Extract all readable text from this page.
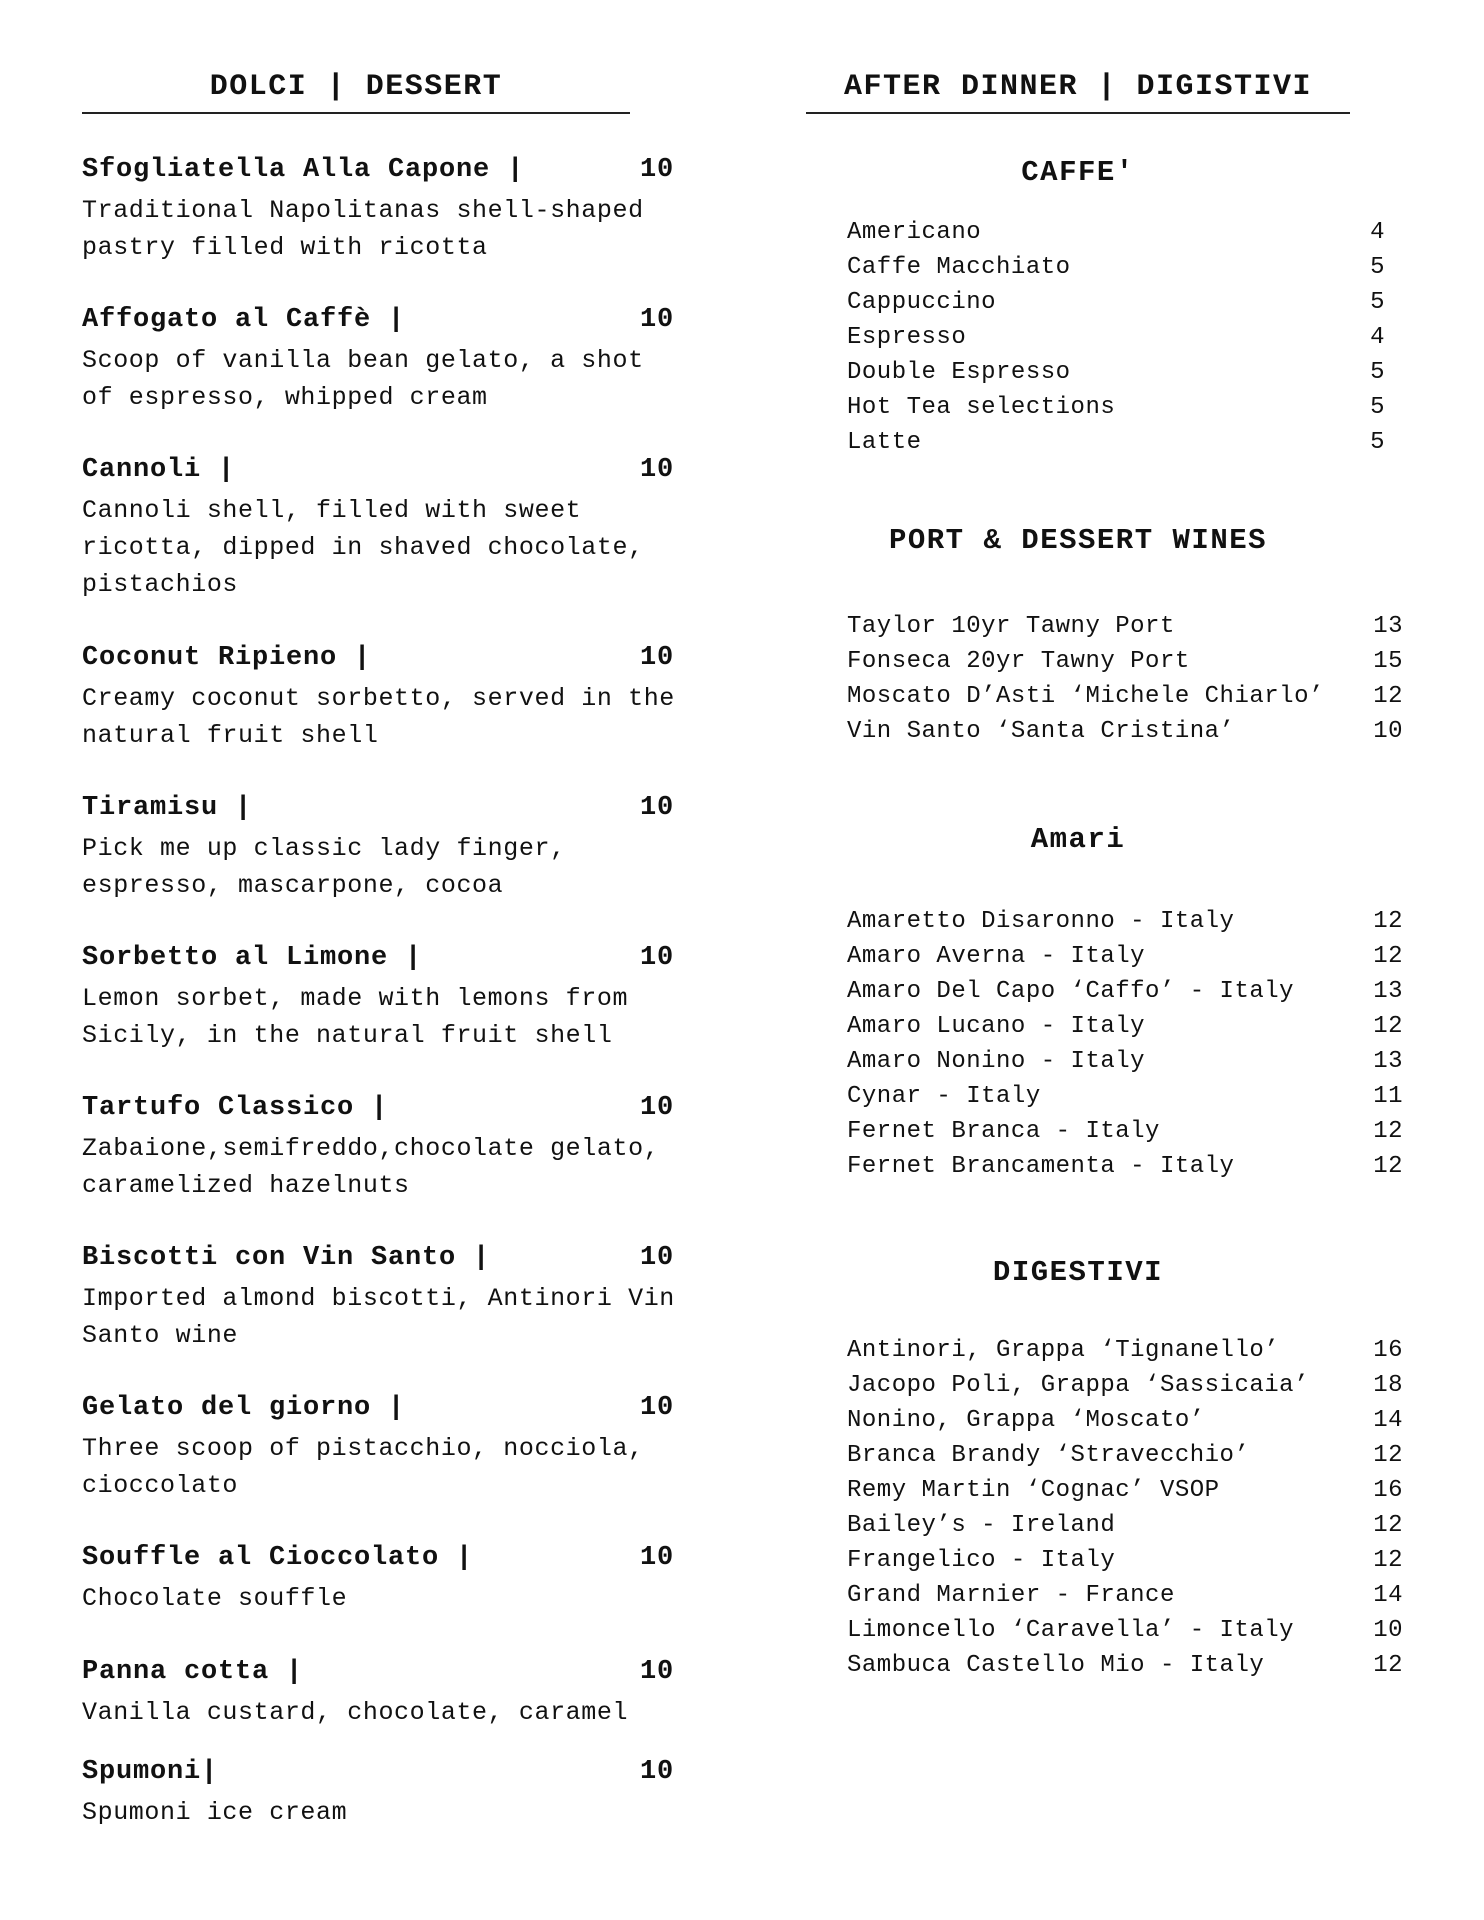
DOLCI | DESSERT
Sfogliatella Alla Capone |	10
Traditional Napolitanas shell-shaped pastry filled with ricotta
Affogato al Caffè |	10
Scoop of vanilla bean gelato, a shot of espresso, whipped cream
Cannoli |	10
Cannoli shell, filled with sweet ricotta, dipped in shaved chocolate, pistachios
Coconut Ripieno |	10
Creamy coconut sorbetto, served in the natural fruit shell
Tiramisu |	10
Pick me up classic lady finger, espresso, mascarpone, cocoa
Sorbetto al Limone |	10
Lemon sorbet, made with lemons from Sicily, in the natural fruit shell
Tartufo Classico |	10
Zabaione,semifreddo,chocolate gelato, caramelized hazelnuts
Biscotti con Vin Santo |	10
Imported almond biscotti, Antinori Vin Santo wine
Gelato del giorno |	10
Three scoop of pistacchio, nocciola, cioccolato
Souffle al Cioccolato |	10
Chocolate souffle
Panna cotta |	10
Vanilla custard, chocolate, caramel
Spumoni|	10
Spumoni ice cream
AFTER DINNER | DIGISTIVI
CAFFE'
Americano	4
Caffe Macchiato	5
Cappuccino	5
Espresso	4
Double Espresso	5
Hot Tea selections	5
Latte	5
PORT & DESSERT WINES
Taylor 10yr Tawny Port	13
Fonseca 20yr Tawny Port	15
Moscato D’Asti ‘Michele Chiarlo’ 12
Vin Santo ‘Santa Cristina’	10
Amari
Amaretto Disaronno - Italy	12
Amaro Averna - Italy	12
Amaro Del Capo ‘Caffo’ - Italy	13
Amaro Lucano - Italy	12
Amaro Nonino - Italy	13
Cynar - Italy	11
Fernet Branca - Italy	12
Fernet Brancamenta - Italy	12
DIGESTIVI
Antinori, Grappa ‘Tignanello’	16
Jacopo Poli, Grappa ‘Sassicaia’	18
Nonino, Grappa ‘Moscato’	14
Branca Brandy ‘Stravecchio’	12
Remy Martin ‘Cognac’ VSOP	16
Bailey’s - Ireland	12
Frangelico - Italy	12
Grand Marnier - France	14
Limoncello ‘Caravella’ - Italy	10
Sambuca Castello Mio - Italy	12
